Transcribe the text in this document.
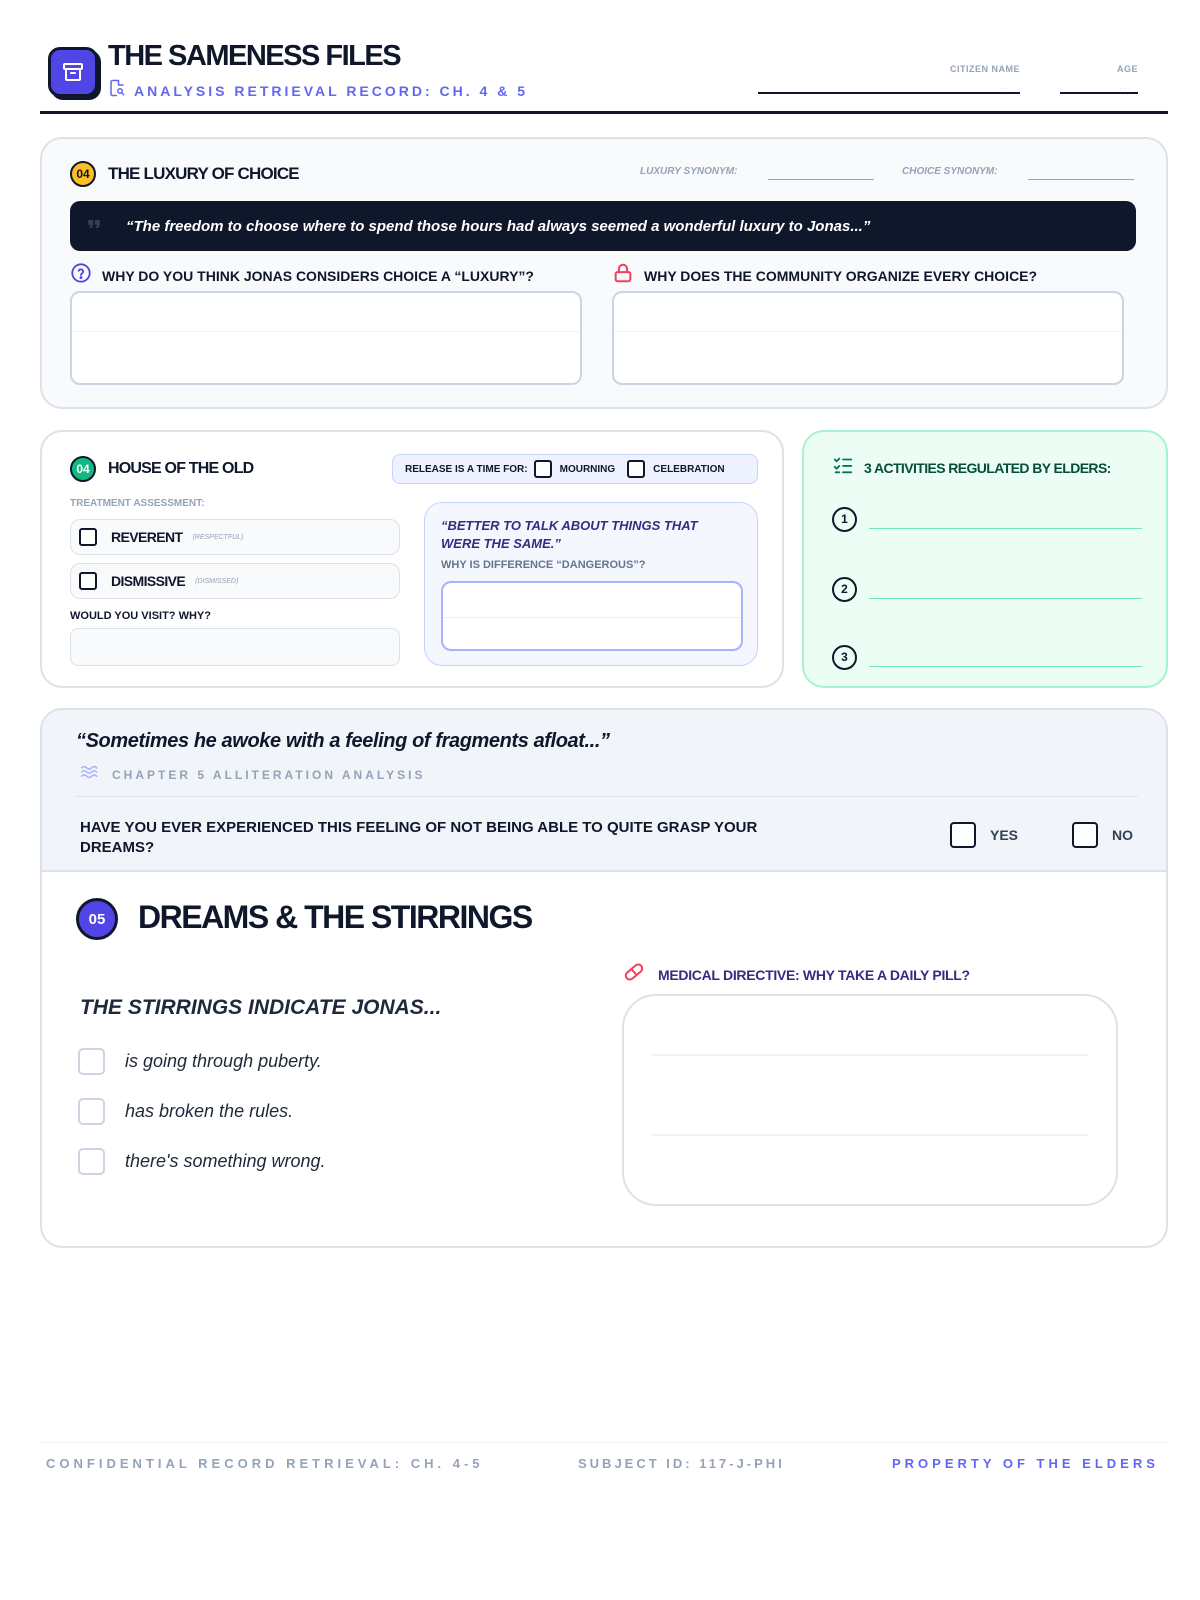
THE SAMENESS FILES
ANALYSIS RETRIEVAL RECORD: CH. 4 & 5
CITIZEN NAME
...
AGE
...
04	THE LUXURY OF CHOICE	LUXURY SYNONYM:	CHOICE SYNONYM:
“The freedom to choose where to spend those hours had always seemed a wonderful luxury to Jonas...”
WHY DO YOU THINK JONAS CONSIDERS CHOICE A “LUXURY”?	WHY DOES THE COMMUNITY ORGANIZE EVERY CHOICE?
04	HOUSE OF THE OLD	RELEASE IS A TIME FOR:	MOURNING	CELEBRATION
TREATMENT ASSESSMENT:
REVERENT (RESPECTFUL)
DISMISSIVE (DISMISSED)
WOULD YOU VISIT? WHY?
“BETTER TO TALK ABOUT THINGS THAT WERE THE SAME.”
WHY IS DIFFERENCE “DANGEROUS”?
3 ACTIVITIES REGULATED BY ELDERS:
1
2
3
“Sometimes he awoke with a feeling of fragments afloat...”
CHAPTER 5 ALLITERATION ANALYSIS
HAVE YOU EVER EXPERIENCED THIS FEELING OF NOT BEING ABLE TO QUITE GRASP YOUR DREAMS?
YES	NO
05	DREAMS & THE STIRRINGS
THE STIRRINGS INDICATE JONAS...
is going through puberty.
has broken the rules.
there's something wrong.
MEDICAL DIRECTIVE: WHY TAKE A DAILY PILL?
CONFIDENTIAL RECORD RETRIEVAL: CH. 4-5	SUBJECT ID: 117-J-PHI	PROPERTY OF THE ELDERS
